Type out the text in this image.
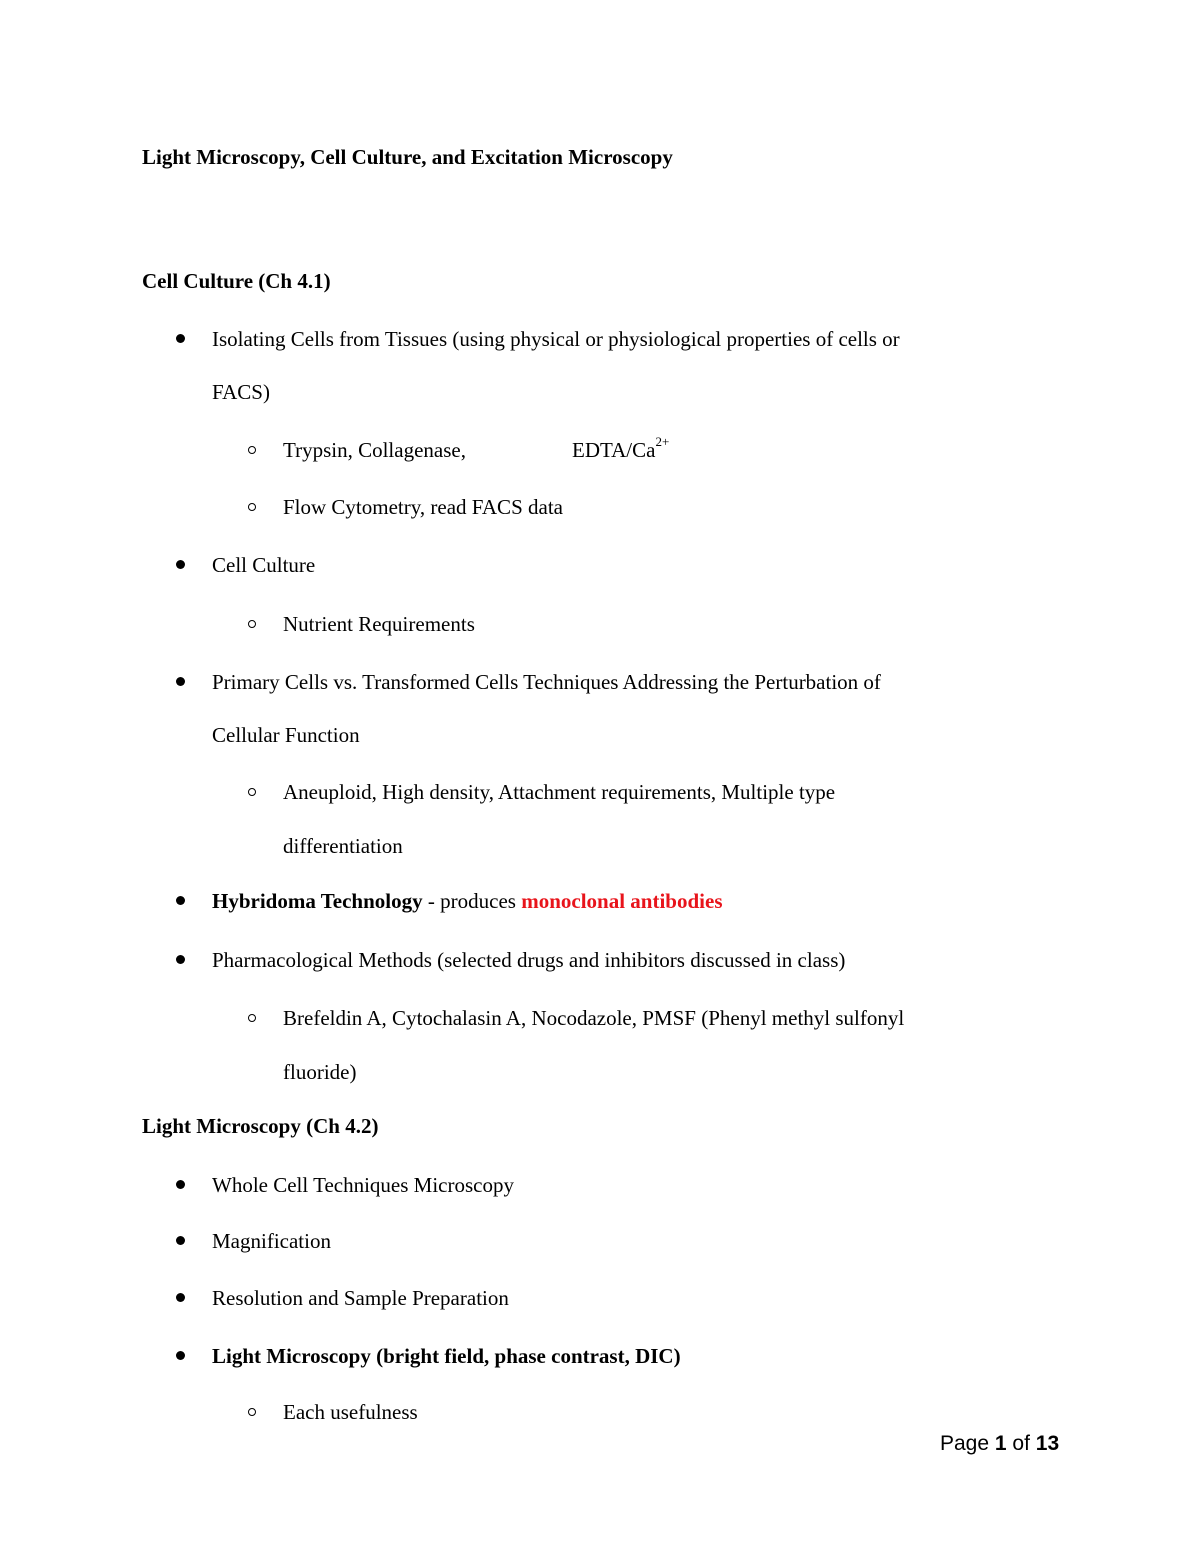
Light Microscopy, Cell Culture, and Excitation Microscopy
Cell Culture (Ch 4.1)
Isolating Cells from Tissues (using physical or physiological properties of cells or
FACS)
Trypsin, Collagenase,	EDTA/$Ca^{2+}$
Flow Cytometry, read FACS data
Cell Culture
Nutrient Requirements
Primary Cells vs. Transformed Cells Techniques Addressing the Perturbation of
Cellular Function
Aneuploid, High density, Attachment requirements, Multiple type
differentiation
Hybridoma Technology - produces monoclonal antibodies
Pharmacological Methods (selected drugs and inhibitors discussed in class)
Brefeldin A, Cytochalasin A, Nocodazole, PMSF (Phenyl methyl sulfonyl
fluoride)
Light Microscopy (Ch 4.2)
Whole Cell Techniques Microscopy
Magnification
Resolution and Sample Preparation
Light Microscopy (bright field, phase contrast, DIC)
Each usefulness
Page 1 of 13
